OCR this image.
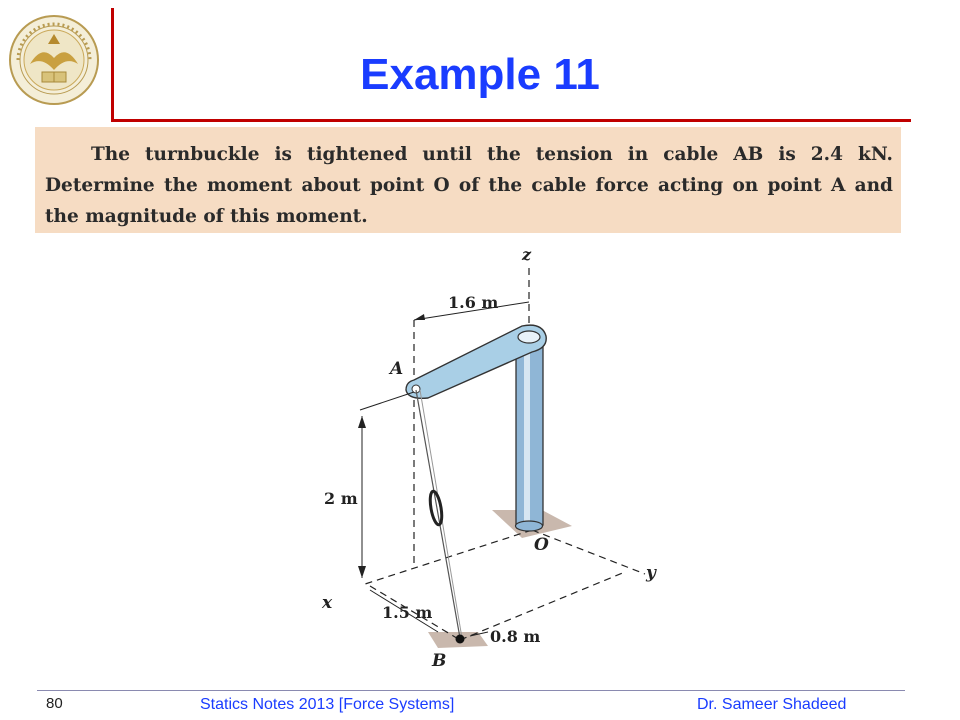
Example 11
The turnbuckle is tightened until the tension in cable AB is 2.4 kN. Determine the moment about point O of the cable force acting on point A and the magnitude of this moment.
z
1.6 m
A
2 m
O
y
x	1.5 m
0.8 m
B
80	Statics Notes 2013 [Force Systems]	Dr. Sameer Shadeed
